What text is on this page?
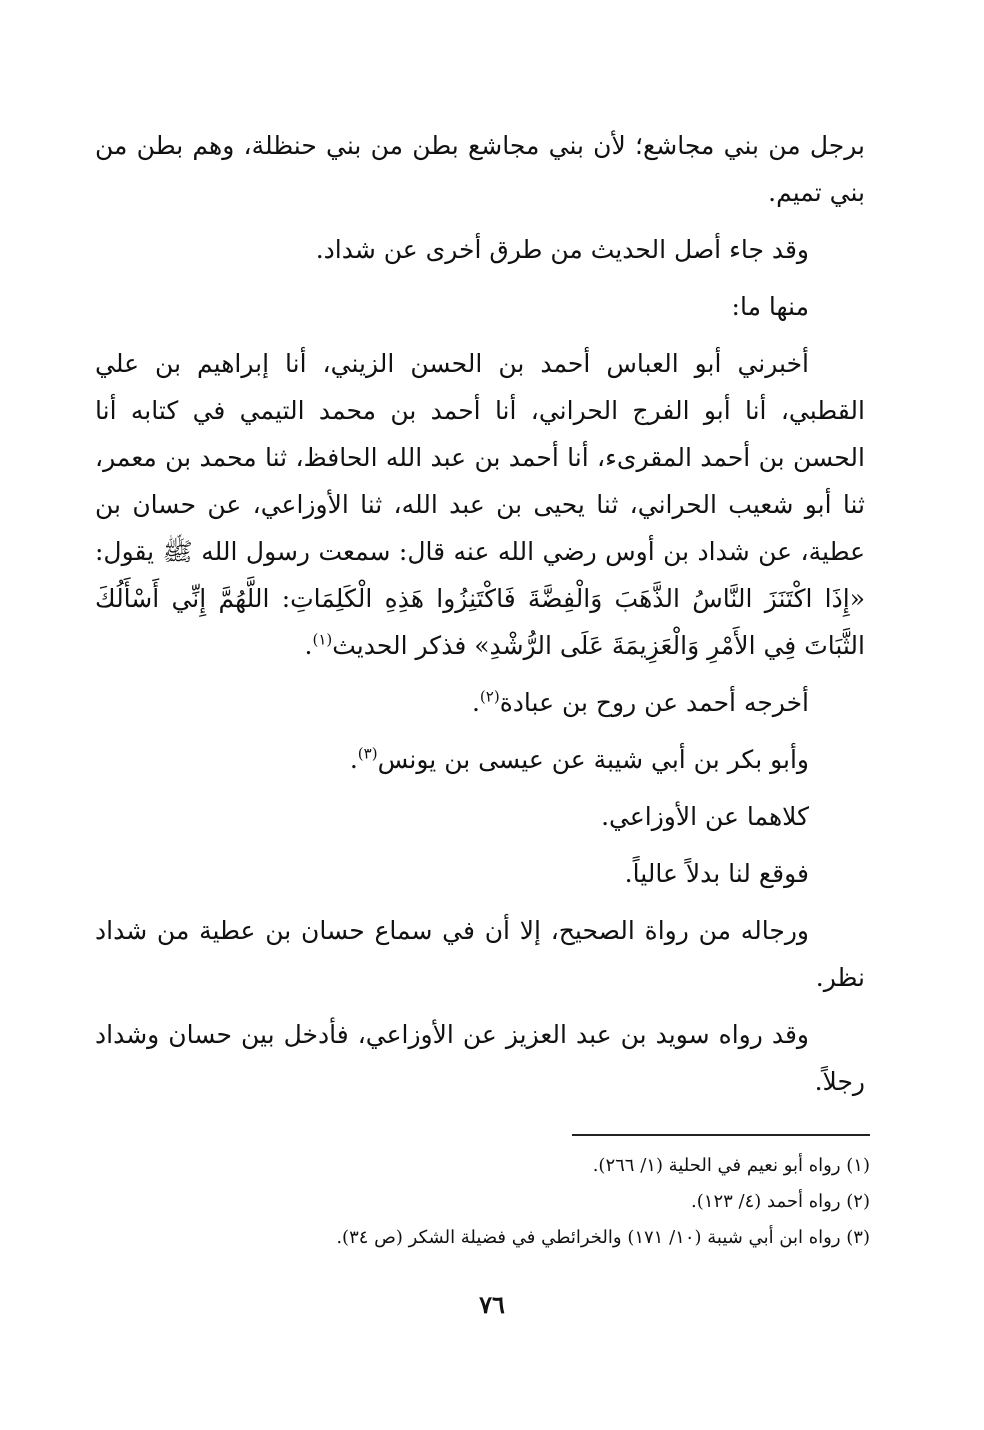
برجل من بني مجاشع؛ لأن بني مجاشع بطن من بني حنظلة، وهم بطن من بني تميم.

وقد جاء أصل الحديث من طرق أخرى عن شداد.

منها ما:

أخبرني أبو العباس أحمد بن الحسن الزيني، أنا إبراهيم بن علي القطبي، أنا أبو الفرج الحراني، أنا أحمد بن محمد التيمي في كتابه أنا الحسن بن أحمد المقرىء، أنا أحمد بن عبد الله الحافظ، ثنا محمد بن معمر، ثنا أبو شعيب الحراني، ثنا يحيى بن عبد الله، ثنا الأوزاعي، عن حسان بن عطية، عن شداد بن أوس رضي الله عنه قال: سمعت رسول الله ﷺ يقول: «إِذَا اكْتَنَزَ النَّاسُ الذَّهَبَ وَالْفِضَّةَ فَاكْتَنِزُوا هَذِهِ الْكَلِمَاتِ: اللَّهُمَّ إِنِّي أَسْأَلُكَ الثَّبَاتَ فِي الأَمْرِ وَالْعَزِيمَةَ عَلَى الرُّشْدِ» فذكر الحديث$^{(١)}$.

أخرجه أحمد عن روح بن عبادة$^{(٢)}$.

وأبو بكر بن أبي شيبة عن عيسى بن يونس$^{(٣)}$.

كلاهما عن الأوزاعي.

فوقع لنا بدلاً عالياً.

ورجاله من رواة الصحيح، إلا أن في سماع حسان بن عطية من شداد نظر.

وقد رواه سويد بن عبد العزيز عن الأوزاعي، فأدخل بين حسان وشداد رجلاً.

(١) رواه أبو نعيم في الحلية (١/ ٢٦٦).

(٢) رواه أحمد (٤/ ١٢٣).

(٣) رواه ابن أبي شيبة (١٠/ ١٧١) والخرائطي في فضيلة الشكر (ص ٣٤).

٧٦
